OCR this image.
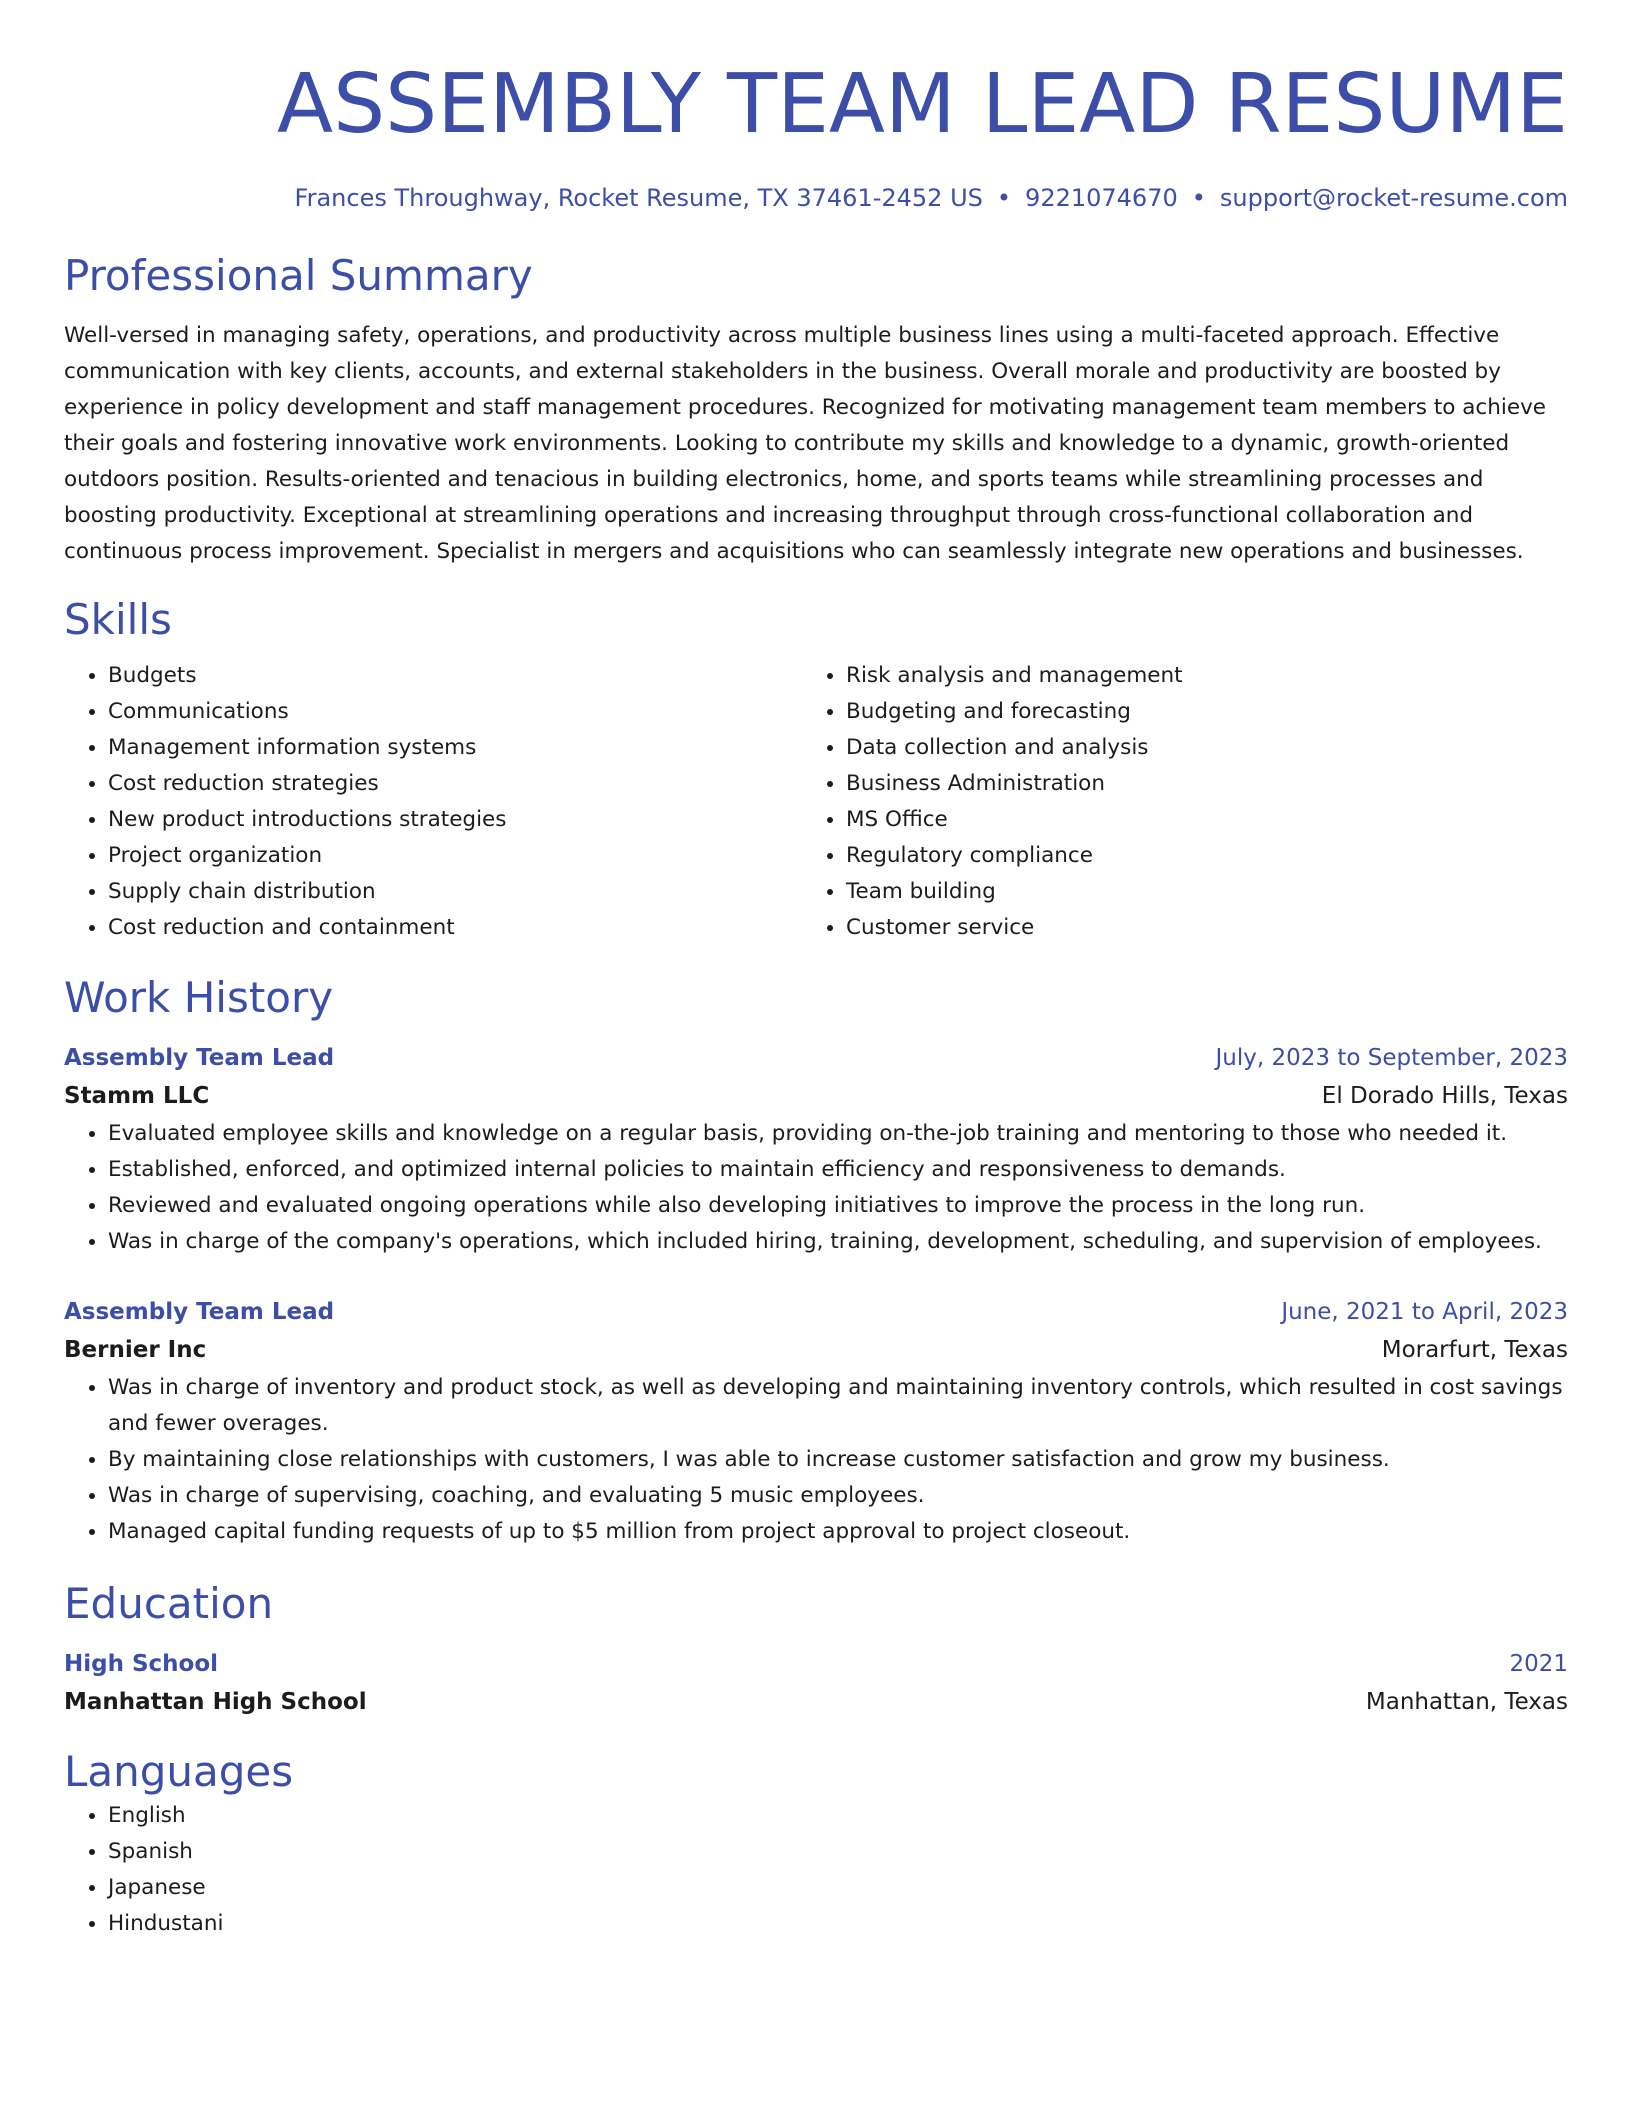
ASSEMBLY TEAM LEAD RESUME
Frances Throughway, Rocket Resume, TX 37461-2452 US • 9221074670 • support@rocket-resume.com
Professional Summary
Well-versed in managing safety, operations, and productivity across multiple business lines using a multi-faceted approach. Effective communication with key clients, accounts, and external stakeholders in the business. Overall morale and productivity are boosted by experience in policy development and staff management procedures. Recognized for motivating management team members to achieve their goals and fostering innovative work environments. Looking to contribute my skills and knowledge to a dynamic, growth-oriented outdoors position. Results-oriented and tenacious in building electronics, home, and sports teams while streamlining processes and boosting productivity. Exceptional at streamlining operations and increasing throughput through cross-functional collaboration and continuous process improvement. Specialist in mergers and acquisitions who can seamlessly integrate new operations and businesses.
Skills
• Budgets
• Communications
• Management information systems
• Cost reduction strategies
• New product introductions strategies
• Project organization
• Supply chain distribution
• Cost reduction and containment
• Risk analysis and management
• Budgeting and forecasting
• Data collection and analysis
• Business Administration
• MS Office
• Regulatory compliance
• Team building
• Customer service
Work History
Assembly Team Lead	July, 2023 to September, 2023
Stamm LLC	El Dorado Hills, Texas
• Evaluated employee skills and knowledge on a regular basis, providing on-the-job training and mentoring to those who needed it.
• Established, enforced, and optimized internal policies to maintain efficiency and responsiveness to demands.
• Reviewed and evaluated ongoing operations while also developing initiatives to improve the process in the long run.
• Was in charge of the company's operations, which included hiring, training, development, scheduling, and supervision of employees.
Assembly Team Lead	June, 2021 to April, 2023
Bernier Inc	Morarfurt, Texas
• Was in charge of inventory and product stock, as well as developing and maintaining inventory controls, which resulted in cost savings and fewer overages.
• By maintaining close relationships with customers, I was able to increase customer satisfaction and grow my business.
• Was in charge of supervising, coaching, and evaluating 5 music employees.
• Managed capital funding requests of up to $5 million from project approval to project closeout.
Education
High School	2021
Manhattan High School	Manhattan, Texas
Languages
• English
• Spanish
• Japanese
• Hindustani
